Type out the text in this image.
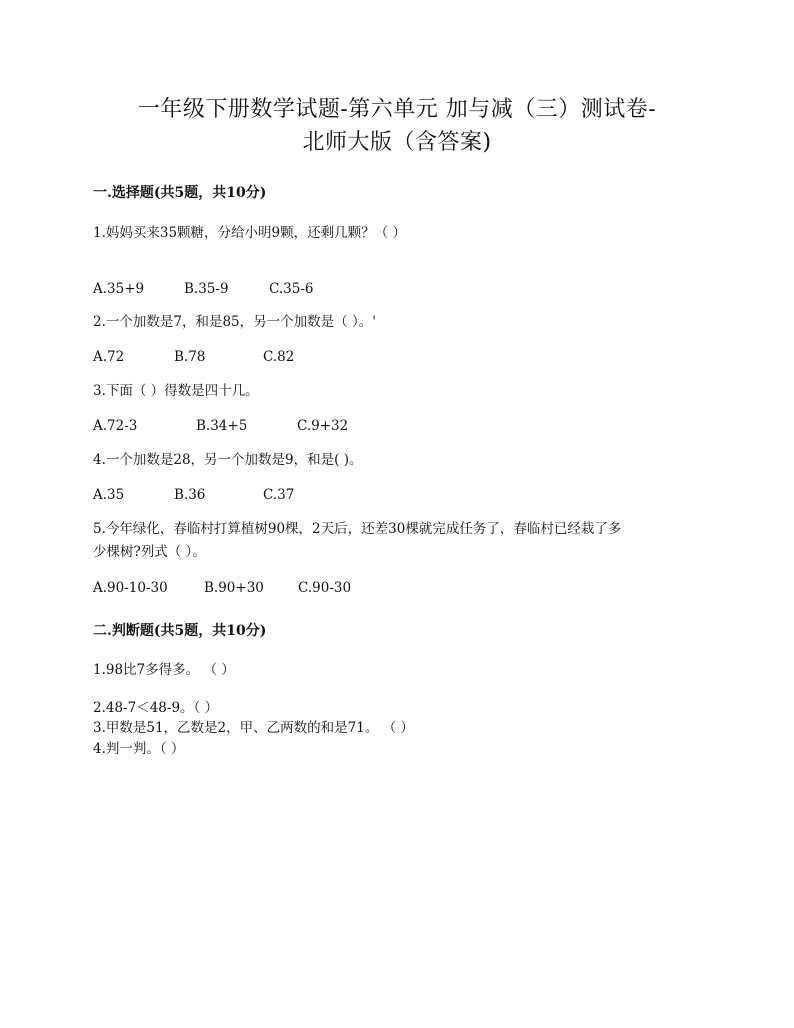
一年级下册数学试题-第六单元 加与减（三）测试卷-
北师大版（含答案)
一.选择题(共5题，共10分)
1.妈妈买来35颗糖，分给小明9颗，还剩几颗？（ ）
A.35+9	B.35-9	C.35-6
2.一个加数是7，和是85，另一个加数是（ ）。'
A.72	B.78	C.82
3.下面（ ）得数是四十几。
A.72-3	B.34+5	C.9+32
4.一个加数是28，另一个加数是9，和是( )。
A.35	B.36	C.37
5.今年绿化，春临村打算植树90棵，2天后，还差30棵就完成任务了，春临村已经栽了多
少棵树?列式（ ）。
A.90-10-30	B.90+30	C.90-30
二.判断题(共5题，共10分)
1.98比7多得多。 （ ）
2.48-7＜48-9。（ ）
3.甲数是51，乙数是2，甲、乙两数的和是71。 （ ）
4.判一判。（ ）
